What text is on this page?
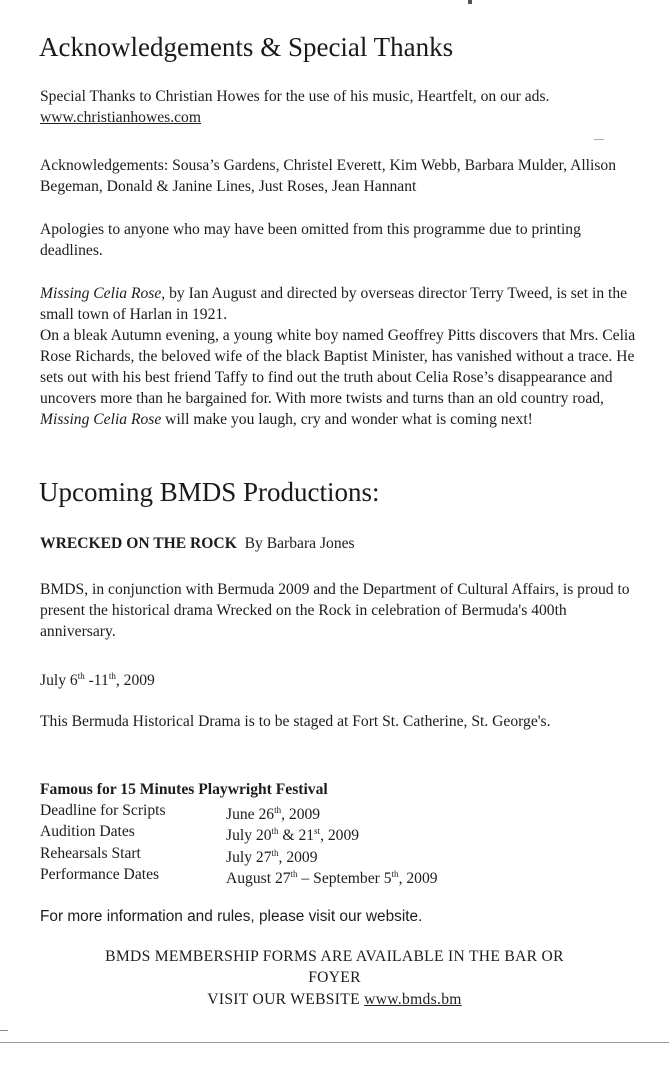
Acknowledgements & Special Thanks

Special Thanks to Christian Howes for the use of his music, Heartfelt, on our ads. www.christianhowes.com

Acknowledgements: Sousa’s Gardens, Christel Everett, Kim Webb, Barbara Mulder, Allison Begeman, Donald & Janine Lines, Just Roses, Jean Hannant

Apologies to anyone who may have been omitted from this programme due to printing deadlines.

Missing Celia Rose, by Ian August and directed by overseas director Terry Tweed, is set in the small town of Harlan in 1921.
On a bleak Autumn evening, a young white boy named Geoffrey Pitts discovers that Mrs. Celia Rose Richards, the beloved wife of the black Baptist Minister, has vanished without a trace. He sets out with his best friend Taffy to find out the truth about Celia Rose’s disappearance and uncovers more than he bargained for. With more twists and turns than an old country road, Missing Celia Rose will make you laugh, cry and wonder what is coming next!

Upcoming BMDS Productions:

WRECKED ON THE ROCK By Barbara Jones

BMDS, in conjunction with Bermuda 2009 and the Department of Cultural Affairs, is proud to present the historical drama Wrecked on the Rock in celebration of Bermuda's 400th anniversary.

July 6th -11th, 2009

This Bermuda Historical Drama is to be staged at Fort St. Catherine, St. George's.

Famous for 15 Minutes Playwright Festival

Deadline for Scripts	June 26th, 2009
Audition Dates	July 20th & 21st, 2009
Rehearsals Start	July 27th, 2009
Performance Dates	August 27th – September 5th, 2009

For more information and rules, please visit our website.

BMDS MEMBERSHIP FORMS ARE AVAILABLE IN THE BAR OR
FOYER
VISIT OUR WEBSITE www.bmds.bm
